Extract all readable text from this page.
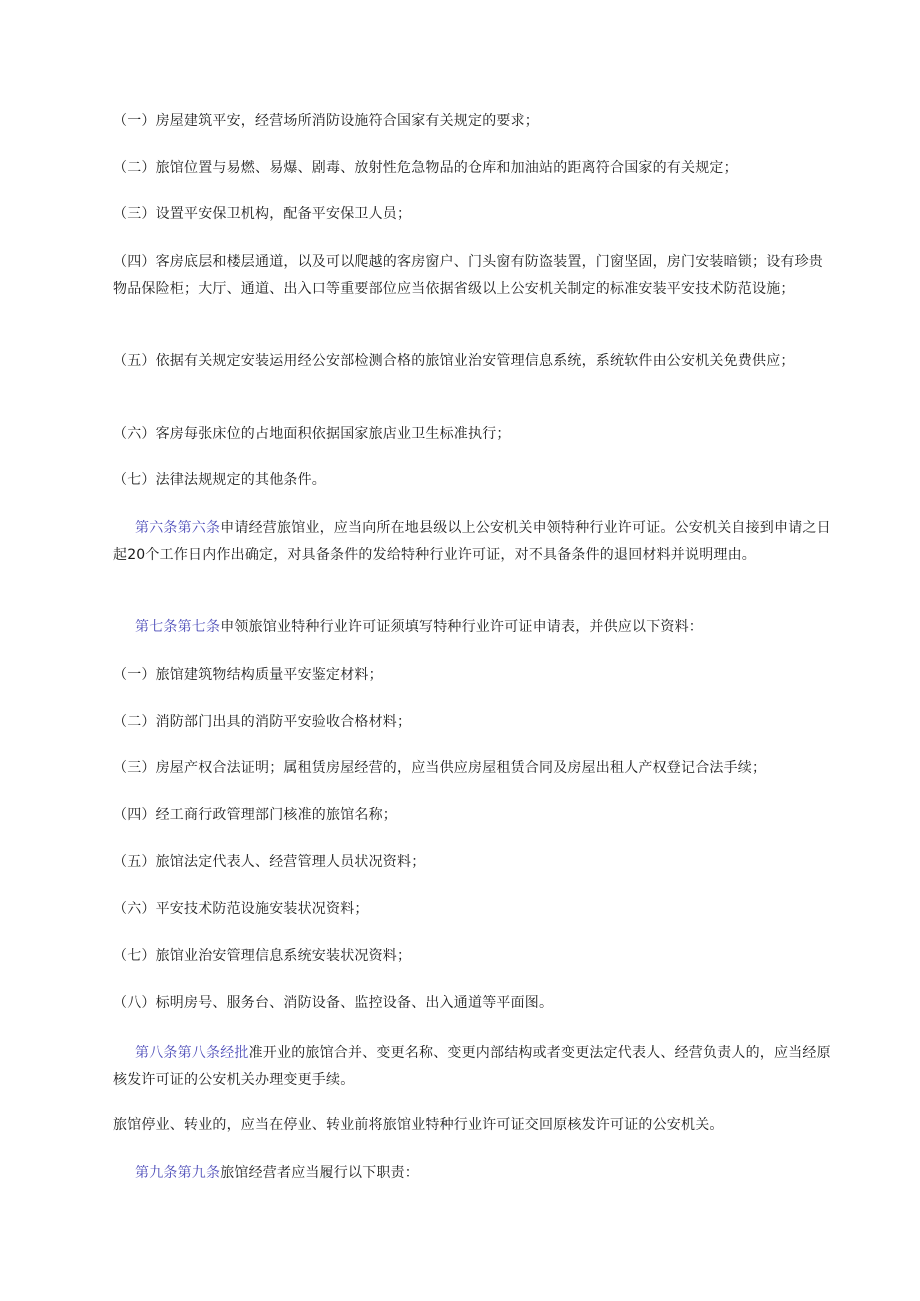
（一）房屋建筑平安，经营场所消防设施符合国家有关规定的要求；

（二）旅馆位置与易燃、易爆、剧毒、放射性危急物品的仓库和加油站的距离符合国家的有关规定；

（三）设置平安保卫机构，配备平安保卫人员；

（四）客房底层和楼层通道，以及可以爬越的客房窗户、门头窗有防盗装置，门窗坚固，房门安装暗锁；设有珍贵物品保险柜；大厅、通道、出入口等重要部位应当依据省级以上公安机关制定的标准安装平安技术防范设施；

（五）依据有关规定安装运用经公安部检测合格的旅馆业治安管理信息系统，系统软件由公安机关免费供应；

（六）客房每张床位的占地面积依据国家旅店业卫生标准执行；

（七）法律法规规定的其他条件。

第六条第六条申请经营旅馆业，应当向所在地县级以上公安机关申领特种行业许可证。公安机关自接到申请之日起20个工作日内作出确定，对具备条件的发给特种行业许可证，对不具备条件的退回材料并说明理由。

第七条第七条申领旅馆业特种行业许可证须填写特种行业许可证申请表，并供应以下资料：

（一）旅馆建筑物结构质量平安鉴定材料；

（二）消防部门出具的消防平安验收合格材料；

（三）房屋产权合法证明；属租赁房屋经营的，应当供应房屋租赁合同及房屋出租人产权登记合法手续；

（四）经工商行政管理部门核准的旅馆名称；

（五）旅馆法定代表人、经营管理人员状况资料；

（六）平安技术防范设施安装状况资料；

（七）旅馆业治安管理信息系统安装状况资料；

（八）标明房号、服务台、消防设备、监控设备、出入通道等平面图。

第八条第八条经批准开业的旅馆合并、变更名称、变更内部结构或者变更法定代表人、经营负责人的，应当经原核发许可证的公安机关办理变更手续。

旅馆停业、转业的，应当在停业、转业前将旅馆业特种行业许可证交回原核发许可证的公安机关。

第九条第九条旅馆经营者应当履行以下职责：
